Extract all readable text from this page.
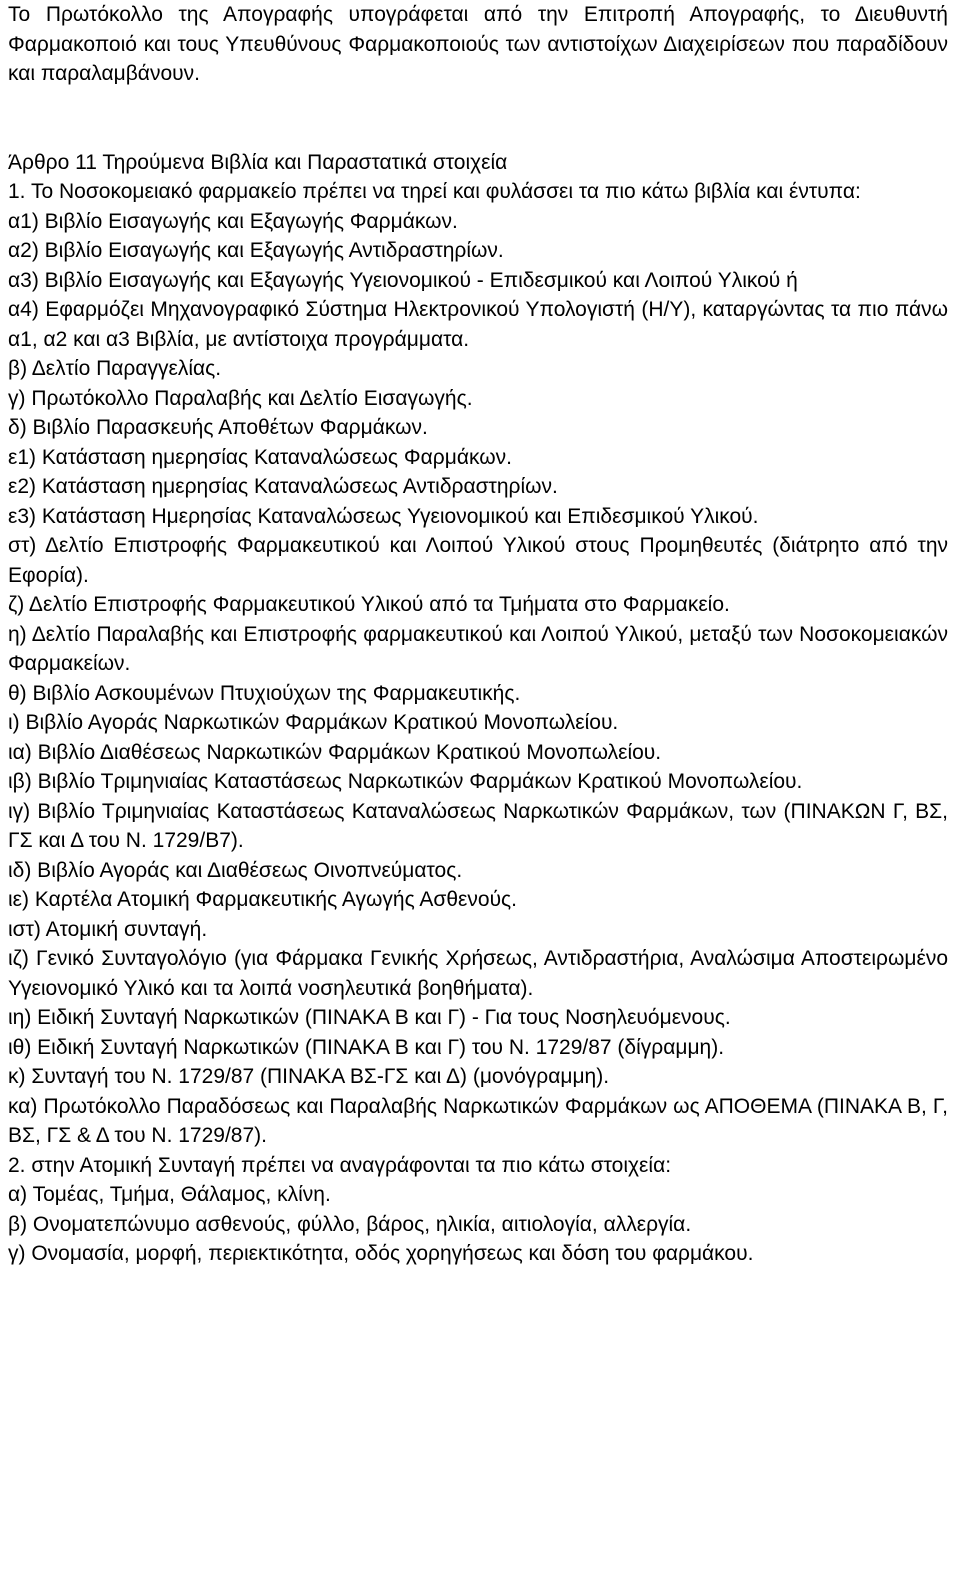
Το Πρωτόκολλο της Απογραφής υπογράφεται από την Επιτροπή Απογραφής, το Διευθυντή Φαρμακοποιό και τους Υπευθύνους Φαρμακοποιούς των αντιστοίχων Διαχειρίσεων που παραδίδουν και παραλαμβάνουν.

Άρθρο 11 Τηρούμενα Βιβλία και Παραστατικά στοιχεία

1. Το Νοσοκομειακό φαρμακείο πρέπει να τηρεί και φυλάσσει τα πιο κάτω βιβλία και έντυπα:

α1) Βιβλίο Εισαγωγής και Εξαγωγής Φαρμάκων.

α2) Βιβλίο Εισαγωγής και Εξαγωγής Αντιδραστηρίων.

α3) Βιβλίο Εισαγωγής και Εξαγωγής Υγειονομικού - Επιδεσμικού και Λοιπού Υλικού ή

α4) Εφαρμόζει Μηχανογραφικό Σύστημα Ηλεκτρονικού Υπολογιστή (Η/Υ), καταργώντας τα πιο πάνω α1, α2 και α3 Βιβλία, με αντίστοιχα προγράμματα.

β) Δελτίο Παραγγελίας.

γ) Πρωτόκολλο Παραλαβής και Δελτίο Εισαγωγής.

δ) Βιβλίο Παρασκευής Αποθέτων Φαρμάκων.

ε1) Κατάσταση ημερησίας Καταναλώσεως Φαρμάκων.

ε2) Κατάσταση ημερησίας Καταναλώσεως Αντιδραστηρίων.

ε3) Κατάσταση Ημερησίας Καταναλώσεως Υγειονομικού και Επιδεσμικού Υλικού.

στ) Δελτίο Επιστροφής Φαρμακευτικού και Λοιπού Υλικού στους Προμηθευτές (διάτρητο από την Εφορία).

ζ) Δελτίο Επιστροφής Φαρμακευτικού Υλικού από τα Τμήματα στο Φαρμακείο.

η) Δελτίο Παραλαβής και Επιστροφής φαρμακευτικού και Λοιπού Υλικού, μεταξύ των Νοσοκομειακών Φαρμακείων.

θ) Βιβλίο Ασκουμένων Πτυχιούχων της Φαρμακευτικής.

ι) Βιβλίο Αγοράς Ναρκωτικών Φαρμάκων Κρατικού Μονοπωλείου.

ια) Βιβλίο Διαθέσεως Ναρκωτικών Φαρμάκων Κρατικού Μονοπωλείου.

ιβ) Βιβλίο Τριμηνιαίας Καταστάσεως Ναρκωτικών Φαρμάκων Κρατικού Μονοπωλείου.

ιγ) Βιβλίο Τριμηνιαίας Καταστάσεως Καταναλώσεως Ναρκωτικών Φαρμάκων, των (ΠΙΝΑΚΩΝ Γ, ΒΣ, ΓΣ και Δ του Ν. 1729/Β7).

ιδ) Βιβλίο Αγοράς και Διαθέσεως Οινοπνεύματος.

ιε) Καρτέλα Ατομική Φαρμακευτικής Αγωγής Ασθενούς.

ιστ) Ατομική συνταγή.

ιζ) Γενικό Συνταγολόγιο (για Φάρμακα Γενικής Χρήσεως, Αντιδραστήρια, Αναλώσιμα Αποστειρωμένο Υγειονομικό Υλικό και τα λοιπά νοσηλευτικά βοηθήματα).

ιη) Ειδική Συνταγή Ναρκωτικών (ΠΙΝΑΚΑ Β και Γ) - Για τους Νοσηλευόμενους.

ιθ) Ειδική Συνταγή Ναρκωτικών (ΠΙΝΑΚΑ Β και Γ) του Ν. 1729/87 (δίγραμμη).

κ) Συνταγή του Ν. 1729/87 (ΠΙΝΑΚΑ ΒΣ-ΓΣ και Δ) (μονόγραμμη).

κα) Πρωτόκολλο Παραδόσεως και Παραλαβής Ναρκωτικών Φαρμάκων ως ΑΠΟΘΕΜΑ (ΠΙΝΑΚΑ Β, Γ, ΒΣ, ΓΣ & Δ του Ν. 1729/87).

2. στην Ατομική Συνταγή πρέπει να αναγράφονται τα πιο κάτω στοιχεία:

α) Τομέας, Τμήμα, Θάλαμος, κλίνη.

β) Ονοματεπώνυμο ασθενούς, φύλλο, βάρος, ηλικία, αιτιολογία, αλλεργία.

γ) Ονομασία, μορφή, περιεκτικότητα, οδός χορηγήσεως και δόση του φαρμάκου.
